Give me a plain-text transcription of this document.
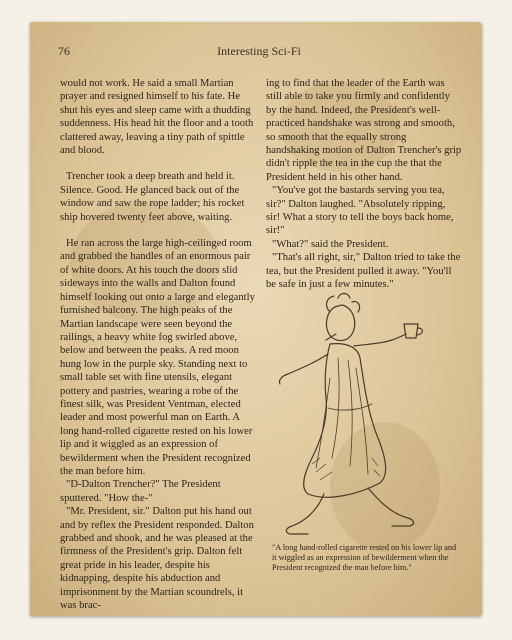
76	Interesting Sci-Fi

would not work. He said a small Martian prayer and resigned himself to his fate. He shut his eyes and sleep came with a thudding suddenness. His head hit the floor and a tooth clattered away, leaving a tiny path of spittle and blood.

Trencher took a deep breath and held it. Silence. Good. He glanced back out of the window and saw the rope ladder; his rocket ship hovered twenty feet above, waiting.

He ran across the large high-ceilinged room and grabbed the handles of an enormous pair of white doors. At his touch the doors slid sideways into the walls and Dalton found himself looking out onto a large and elegantly furnished balcony. The high peaks of the Martian landscape were seen beyond the railings, a heavy white fog swirled above, below and between the peaks. A red moon hung low in the purple sky. Standing next to small table set with fine utensils, elegant pottery and pastries, wearing a robe of the finest silk, was President Ventman, elected leader and most powerful man on Earth. A long hand-rolled cigarette rested on his lower lip and it wiggled as an expression of bewilderment when the President recognized the man before him.

"D-Dalton Trencher?" The President sputtered. "How the-"

"Mr. President, sir." Dalton put his hand out and by reflex the President responded. Dalton grabbed and shook, and he was pleased at the firmness of the President's grip. Dalton felt great pride in his leader, despite his kidnapping, despite his abduction and imprisonment by the Martian scoundrels, it was brac-

ing to find that the leader of the Earth was still able to take you firmly and confidently by the hand. Indeed, the President's well-practiced handshake was strong and smooth, so smooth that the equally strong handshaking motion of Dalton Trencher's grip didn't ripple the tea in the cup the that the President held in his other hand.

"You've got the bastards serving you tea, sir?" Dalton laughed. "Absolutely ripping, sir! What a story to tell the boys back home, sir!"

"What?" said the President.

"That's all right, sir," Dalton tried to take the tea, but the President pulled it away. "You'll be safe in just a few minutes."

"A long hand-rolled cigarette rested on his lower lip and it wiggled as an expression of bewilderment when the President recognized the man before him."
